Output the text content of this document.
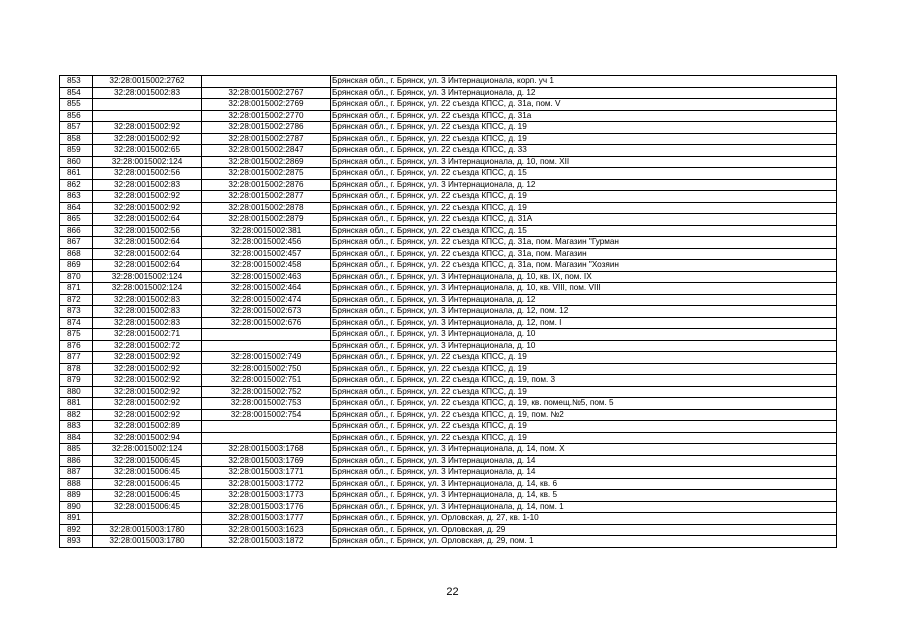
853	32:28:0015002:2762		Брянская обл., г. Брянск, ул. 3 Интернационала, корп. уч 1
854	32:28:0015002:83	32:28:0015002:2767	Брянская обл., г. Брянск, ул. 3 Интернационала, д. 12
855		32:28:0015002:2769	Брянская обл., г. Брянск, ул. 22 съезда КПСС, д. 31а, пом. V
856		32:28:0015002:2770	Брянская обл., г. Брянск, ул. 22 съезда КПСС, д. 31а
857	32:28:0015002:92	32:28:0015002:2786	Брянская обл., г. Брянск, ул. 22 съезда КПСС, д. 19
858	32:28:0015002:92	32:28:0015002:2787	Брянская обл., г. Брянск, ул. 22 съезда КПСС, д. 19
859	32:28:0015002:65	32:28:0015002:2847	Брянская обл., г. Брянск, ул. 22 съезда КПСС, д. 33
860	32:28:0015002:124	32:28:0015002:2869	Брянская обл., г. Брянск, ул. 3 Интернационала, д. 10, пом. XII
861	32:28:0015002:56	32:28:0015002:2875	Брянская обл., г. Брянск, ул. 22 съезда КПСС, д. 15
862	32:28:0015002:83	32:28:0015002:2876	Брянская обл., г. Брянск, ул. 3 Интернационала, д. 12
863	32:28:0015002:92	32:28:0015002:2877	Брянская обл., г. Брянск, ул. 22 съезда КПСС, д. 19
864	32:28:0015002:92	32:28:0015002:2878	Брянская обл., г. Брянск, ул. 22 съезда КПСС, д. 19
865	32:28:0015002:64	32:28:0015002:2879	Брянская обл., г. Брянск, ул. 22 съезда КПСС, д. 31А
866	32:28:0015002:56	32:28:0015002:381	Брянская обл., г. Брянск, ул. 22 съезда КПСС, д. 15
867	32:28:0015002:64	32:28:0015002:456	Брянская обл., г. Брянск, ул. 22 съезда КПСС, д. 31а, пом. Магазин "Гурман
868	32:28:0015002:64	32:28:0015002:457	Брянская обл., г. Брянск, ул. 22 съезда КПСС, д. 31а, пом. Магазин
869	32:28:0015002:64	32:28:0015002:458	Брянская обл., г. Брянск, ул. 22 съезда КПСС, д. 31а, пом. Магазин "Хозяин
870	32:28:0015002:124	32:28:0015002:463	Брянская обл., г. Брянск, ул. 3 Интернационала, д. 10, кв. IX, пом. IX
871	32:28:0015002:124	32:28:0015002:464	Брянская обл., г. Брянск, ул. 3 Интернационала, д. 10, кв. VIII, пом. VIII
872	32:28:0015002:83	32:28:0015002:474	Брянская обл., г. Брянск, ул. 3 Интернационала, д. 12
873	32:28:0015002:83	32:28:0015002:673	Брянская обл., г. Брянск, ул. 3 Интернационала, д. 12, пом. 12
874	32:28:0015002:83	32:28:0015002:676	Брянская обл., г. Брянск, ул. 3 Интернационала, д. 12, пом. I
875	32:28:0015002:71		Брянская обл., г. Брянск, ул. 3 Интернационала, д. 10
876	32:28:0015002:72		Брянская обл., г. Брянск, ул. 3 Интернационала, д. 10
877	32:28:0015002:92	32:28:0015002:749	Брянская обл., г. Брянск, ул. 22 съезда КПСС, д. 19
878	32:28:0015002:92	32:28:0015002:750	Брянская обл., г. Брянск, ул. 22 съезда КПСС, д. 19
879	32:28:0015002:92	32:28:0015002:751	Брянская обл., г. Брянск, ул. 22 съезда КПСС, д. 19, пом. 3
880	32:28:0015002:92	32:28:0015002:752	Брянская обл., г. Брянск, ул. 22 съезда КПСС, д. 19
881	32:28:0015002:92	32:28:0015002:753	Брянская обл., г. Брянск, ул. 22 съезда КПСС, д. 19, кв. помещ.№5, пом. 5
882	32:28:0015002:92	32:28:0015002:754	Брянская обл., г. Брянск, ул. 22 съезда КПСС, д. 19, пом. №2
883	32:28:0015002:89		Брянская обл., г. Брянск, ул. 22 съезда КПСС, д. 19
884	32:28:0015002:94		Брянская обл., г. Брянск, ул. 22 съезда КПСС, д. 19
885	32:28:0015002:124	32:28:0015003:1768	Брянская обл., г. Брянск, ул. 3 Интернационала, д. 14, пом. X
886	32:28:0015006:45	32:28:0015003:1769	Брянская обл., г. Брянск, ул. 3 Интернационала, д. 14
887	32:28:0015006:45	32:28:0015003:1771	Брянская обл., г. Брянск, ул. 3 Интернационала, д. 14
888	32:28:0015006:45	32:28:0015003:1772	Брянская обл., г. Брянск, ул. 3 Интернационала, д. 14, кв. 6
889	32:28:0015006:45	32:28:0015003:1773	Брянская обл., г. Брянск, ул. 3 Интернационала, д. 14, кв. 5
890	32:28:0015006:45	32:28:0015003:1776	Брянская обл., г. Брянск, ул. 3 Интернационала, д. 14, пом. 1
891		32:28:0015003:1777	Брянская обл., г. Брянск, ул. Орловская, д. 27, кв. 1-10
892	32:28:0015003:1780	32:28:0015003:1623	Брянская обл., г. Брянск, ул. Орловская, д. 29
893	32:28:0015003:1780	32:28:0015003:1872	Брянская обл., г. Брянск, ул. Орловская, д. 29, пом. 1
22
